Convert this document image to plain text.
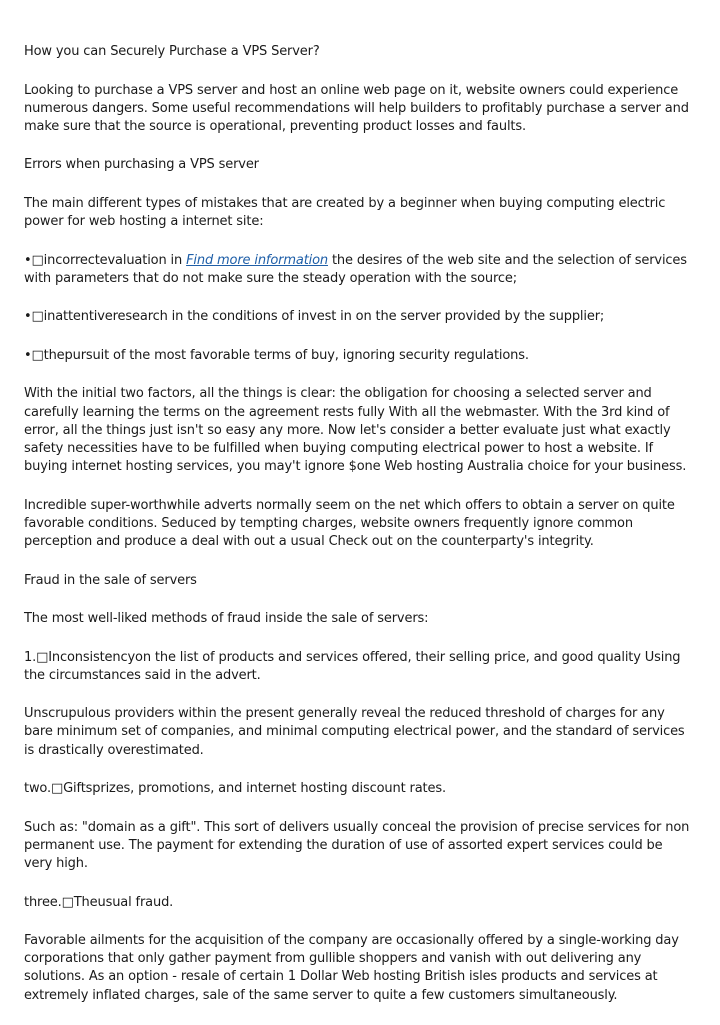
How you can Securely Purchase a VPS Server?

Looking to purchase a VPS server and host an online web page on it, website owners could experience numerous dangers. Some useful recommendations will help builders to profitably purchase a server and make sure that the source is operational, preventing product losses and faults.

Errors when purchasing a VPS server

The main different types of mistakes that are created by a beginner when buying computing electric power for web hosting a internet site:

•□incorrectevaluation in Find more information the desires of the web site and the selection of services with parameters that do not make sure the steady operation with the source;

•□inattentiveresearch in the conditions of invest in on the server provided by the supplier;

•□thepursuit of the most favorable terms of buy, ignoring security regulations.

With the initial two factors, all the things is clear: the obligation for choosing a selected server and carefully learning the terms on the agreement rests fully With all the webmaster. With the 3rd kind of error, all the things just isn't so easy any more. Now let's consider a better evaluate just what exactly safety necessities have to be fulfilled when buying computing electrical power to host a website. If buying internet hosting services, you may't ignore $one Web hosting Australia choice for your business.

Incredible super-worthwhile adverts normally seem on the net which offers to obtain a server on quite favorable conditions. Seduced by tempting charges, website owners frequently ignore common perception and produce a deal with out a usual Check out on the counterparty's integrity.

Fraud in the sale of servers

The most well-liked methods of fraud inside the sale of servers:

1.□Inconsistencyon the list of products and services offered, their selling price, and good quality Using the circumstances said in the advert.

Unscrupulous providers within the present generally reveal the reduced threshold of charges for any bare minimum set of companies, and minimal computing electrical power, and the standard of services is drastically overestimated.

two.□Giftsprizes, promotions, and internet hosting discount rates.

Such as: "domain as a gift". This sort of delivers usually conceal the provision of precise services for non permanent use. The payment for extending the duration of use of assorted expert services could be very high.

three.□Theusual fraud.

Favorable ailments for the acquisition of the company are occasionally offered by a single-working day corporations that only gather payment from gullible shoppers and vanish with out delivering any solutions. As an option - resale of certain 1 Dollar Web hosting British isles products and services at extremely inflated charges, sale of the same server to quite a few customers simultaneously.
